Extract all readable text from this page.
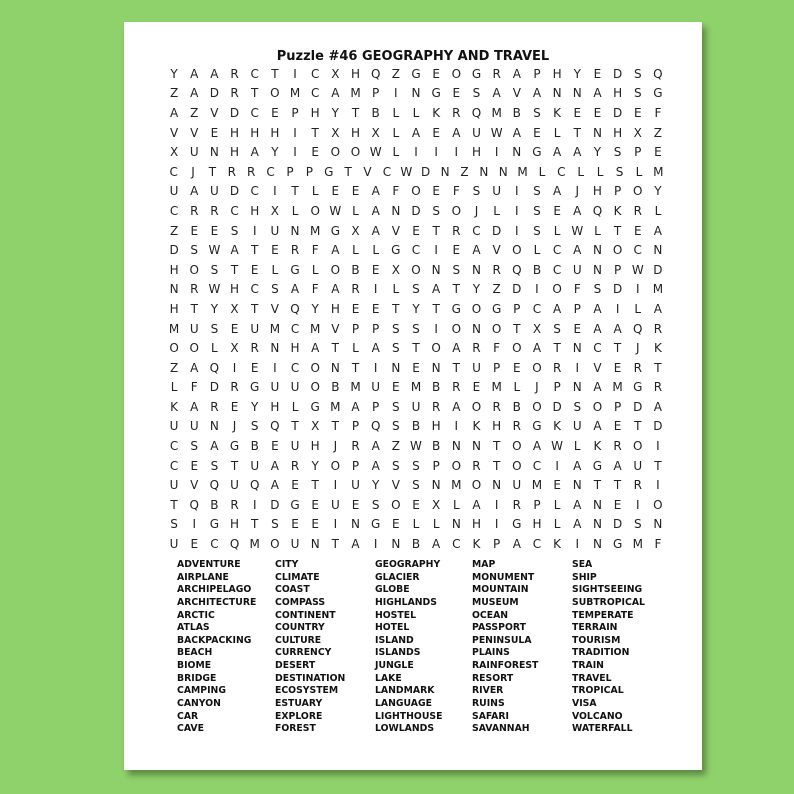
Puzzle #46 GEOGRAPHY AND TRAVEL
Y	A A R C	T	I	C X H Q Z G E O G R A	P	H Y	E D S Q
Z A D R	T O M C A M P	I	N G E	S	A V A N N A H S G
A Z V D C	E	P	H Y	T	B	L	L	K	R Q M B	S	K	E	E D E	F
V V	E H H H	I	T	X H X	L	A	E	A U W A	E	L	T	N H X Z
X U N H A	Y	I	E O O W L	I	I	I	H	I	N G A A	Y	S	P	E
C	J	T R R C P	P G T V C W D N Z N N M L C L	L	S	L M
U A U D C	I	T	L	E	E	A	F O E	F	S U	I	S	A	J	H	P O Y
C R R C H X	L	O W L	A N D S O	J	L	I	S	E	A Q K	R	L
Z	E	E	S	I	U N M G X A V	E	T	R C D	I	S	L W L	T	E	A
D S W A	T	E	R	F	A	L	L	G C	I	E	A V O	L	C A N O C N
H O S	T	E	L	G	L	O B	E	X O N S N R Q B C U N	P W D
N R W H C	S	A	F	A R	I	L	S	A	T	Y	Z D	I	O F	S D	I	M
H T	Y	X	T	V Q Y H E	E	T	Y	T G O G P	C A	P	A	I	L	A
M U S	E U M C M V	P	P	S	S	I	O N O T	X	S	E	A A Q R
O O	L	X R N H A	T	L	A	S	T O A R	F O A	T	N C	T	J	K
Z A Q	I	E	I	C O N	T	I	N E N	T	U	P	E O R	I	V	E	R	T
L	F	D R G U U O B M U E M B R	E M L	J	P	N A M G R
K	A R	E	Y H	L	G M A	P	S U R A O R B O D S O P D A
U U N	J	S Q T	X	T	P Q S	B H	I	K H R G K U A	E	T D
C	S	A G B	E U H	J	R A Z W B N N	T O A W L	K	R O	I
C	E	S	T	U A R	Y O P	A	S	S	P O R	T O C	I	A G A U	T
U V Q U Q A	E	T	I	U	Y	V	S N M O N U M E N	T	T	R	I
T Q B R	I	D G E U E	S O E	X	L	A	I	R	P	L	A N E	I	O
S	I	G H T	S	E	E	I	N G E	L	L	N H	I	G H	L	A N D S N
U E	C Q M O U N	T	A	I	N B A C	K	P	A C	K	I	N G M F
ADVENTURE
AIRPLANE
ARCHIPELAGO
ARCHITECTURE
ARCTIC
ATLAS
BACKPACKING
BEACH
BIOME
BRIDGE
CAMPING
CANYON
CAR
CAVE
CITY
CLIMATE
COAST
COMPASS
CONTINENT
COUNTRY
CULTURE
CURRENCY
DESERT
DESTINATION
ECOSYSTEM
ESTUARY
EXPLORE
FOREST
GEOGRAPHY
GLACIER
GLOBE
HIGHLANDS
HOSTEL
HOTEL
ISLAND
ISLANDS
JUNGLE
LAKE
LANDMARK
LANGUAGE
LIGHTHOUSE
LOWLANDS
MAP
MONUMENT
MOUNTAIN
MUSEUM
OCEAN
PASSPORT
PENINSULA
PLAINS
RAINFOREST
RESORT
RIVER
RUINS
SAFARI
SAVANNAH
SEA
SHIP
SIGHTSEEING
SUBTROPICAL
TEMPERATE
TERRAIN
TOURISM
TRADITION
TRAIN
TRAVEL
TROPICAL
VISA
VOLCANO
WATERFALL
